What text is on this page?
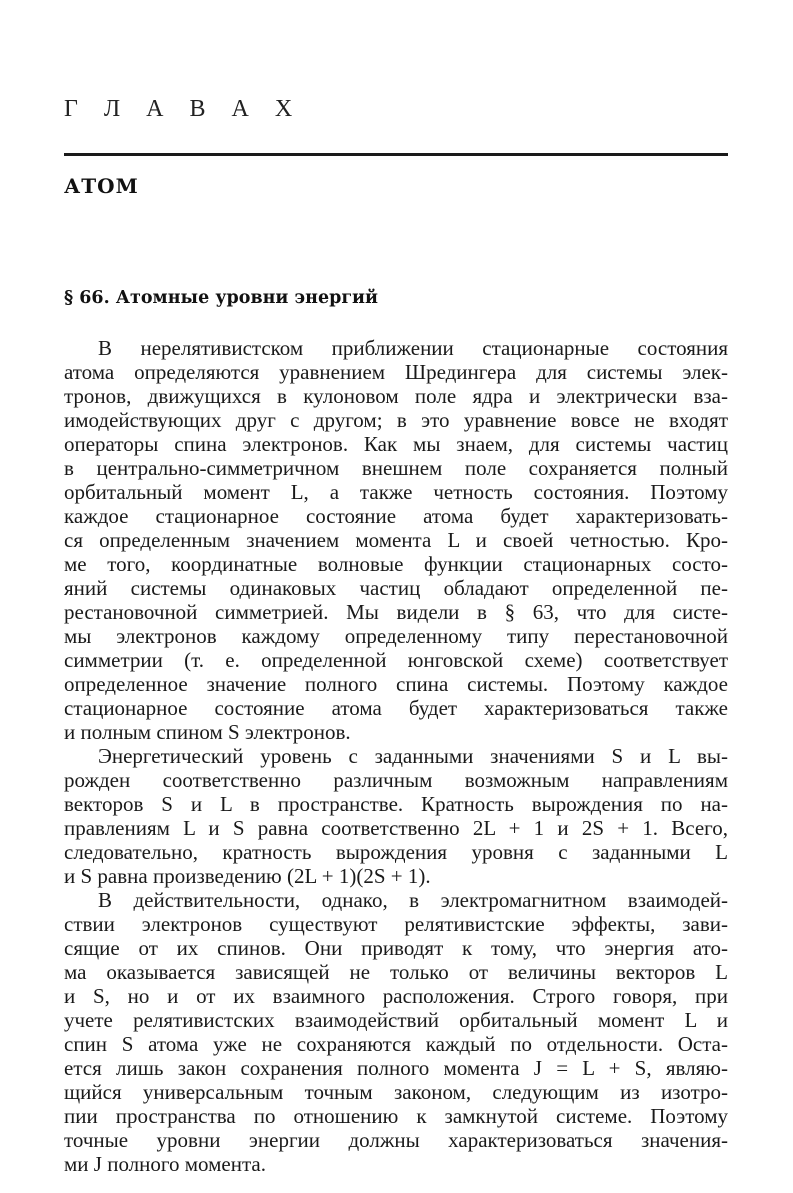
Г Л А В А X
АТОМ
§ 66. Атомные уровни энергий
В нерелятивистском приближении стационарные состояния
атома определяются уравнением Шредингера для системы элек-
тронов, движущихся в кулоновом поле ядра и электрически вза-
имодействующих друг с другом; в это уравнение вовсе не входят
операторы спина электронов. Как мы знаем, для системы частиц
в центрально-симметричном внешнем поле сохраняется полный
орбитальный момент L, а также четность состояния. Поэтому
каждое стационарное состояние атома будет характеризовать-
ся определенным значением момента L и своей четностью. Кро-
ме того, координатные волновые функции стационарных состо-
яний системы одинаковых частиц обладают определенной пе-
рестановочной симметрией. Мы видели в § 63, что для систе-
мы электронов каждому определенному типу перестановочной
симметрии (т. е. определенной юнговской схеме) соответствует
определенное значение полного спина системы. Поэтому каждое
стационарное состояние атома будет характеризоваться также
и полным спином S электронов.
Энергетический уровень с заданными значениями S и L вы-
рожден соответственно различным возможным направлениям
векторов S и L в пространстве. Кратность вырождения по на-
правлениям L и S равна соответственно 2L + 1 и 2S + 1. Всего,
следовательно, кратность вырождения уровня с заданными L
и S равна произведению (2L + 1)(2S + 1).
В действительности, однако, в электромагнитном взаимодей-
ствии электронов существуют релятивистские эффекты, зави-
сящие от их спинов. Они приводят к тому, что энергия ато-
ма оказывается зависящей не только от величины векторов L
и S, но и от их взаимного расположения. Строго говоря, при
учете релятивистских взаимодействий орбитальный момент L и
спин S атома уже не сохраняются каждый по отдельности. Оста-
ется лишь закон сохранения полного момента J = L + S, являю-
щийся универсальным точным законом, следующим из изотро-
пии пространства по отношению к замкнутой системе. Поэтому
точные уровни энергии должны характеризоваться значения-
ми J полного момента.
